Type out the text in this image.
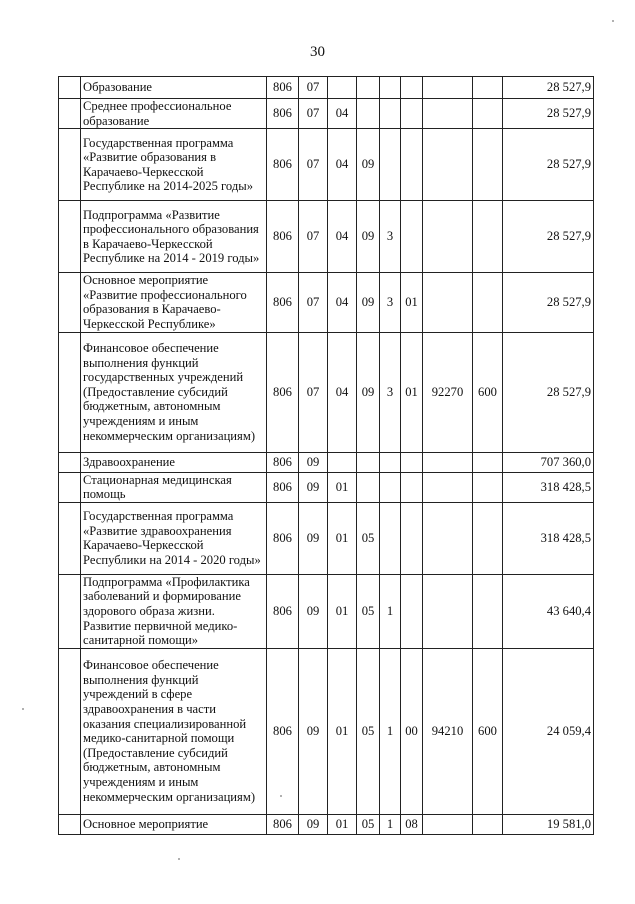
30
	Образование	806	07							28 527,9
	Среднее профессиональное образование	806	07	04						28 527,9
	Государственная программа «Развитие образования в Карачаево-Черкесской Республике на 2014-2025 годы»	806	07	04	09					28 527,9
	Подпрограмма «Развитие профессионального образования в Карачаево-Черкесской Республике на 2014 - 2019 годы»	806	07	04	09	3				28 527,9
	Основное мероприятие «Развитие профессионального образования в Карачаево-Черкесской Республике»	806	07	04	09	3	01			28 527,9
	Финансовое обеспечение выполнения функций государственных учреждений (Предоставление субсидий бюджетным, автономным учреждениям и иным некоммерческим организациям)	806	07	04	09	3	01	92270	600	28 527,9
	Здравоохранение	806	09							707 360,0
	Стационарная медицинская помощь	806	09	01						318 428,5
	Государственная программа «Развитие здравоохранения Карачаево-Черкесской Республики на 2014 - 2020 годы»	806	09	01	05					318 428,5
	Подпрограмма «Профилактика заболеваний и формирование здорового образа жизни. Развитие первичной медико-санитарной помощи»	806	09	01	05	1				43 640,4
	Финансовое обеспечение выполнения функций учреждений в сфере здравоохранения в части оказания специализированной медико-санитарной помощи (Предоставление субсидий бюджетным, автономным учреждениям и иным некоммерческим организациям)	806	09	01	05	1	00	94210	600	24 059,4
	Основное мероприятие	806	09	01	05	1	08			19 581,0
